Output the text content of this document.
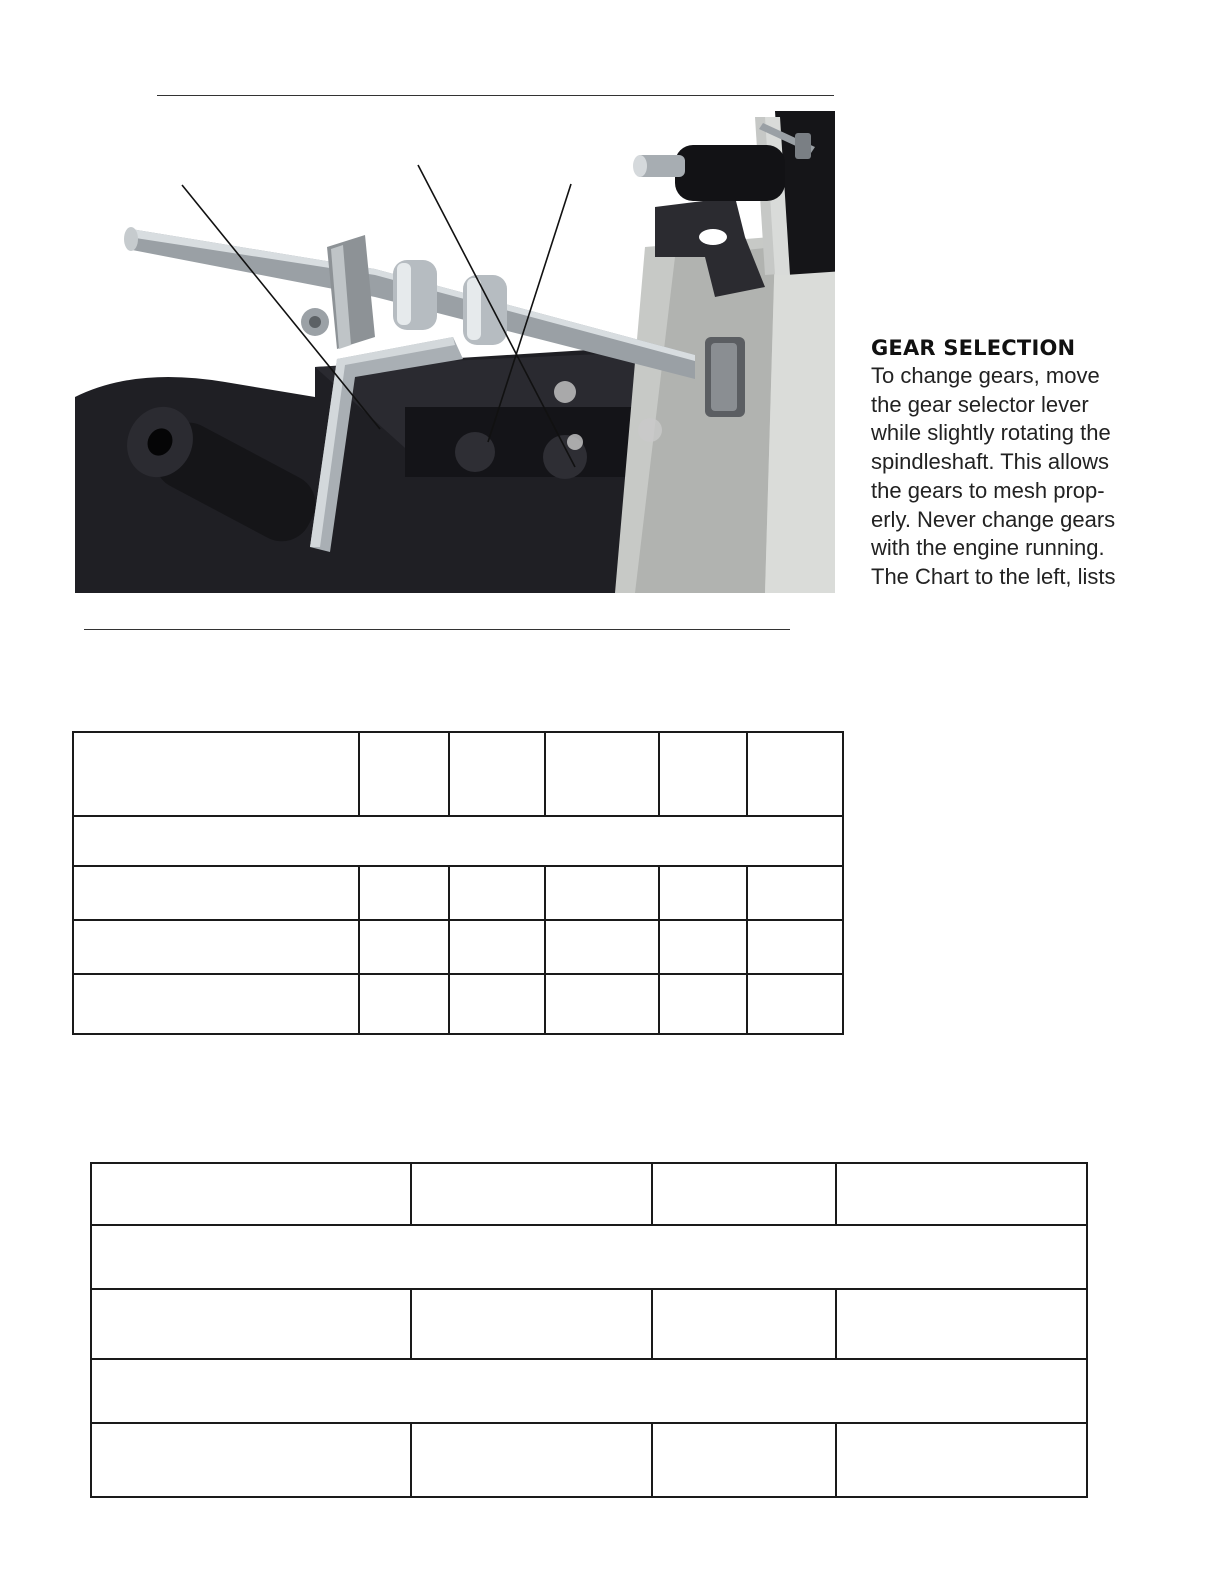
GEAR SELECTION
To change gears, move
the gear selector lever
while slightly rotating the
spindleshaft. This allows
the gears to mesh prop-
erly. Never change gears
with the engine running.
The Chart to the left, lists
